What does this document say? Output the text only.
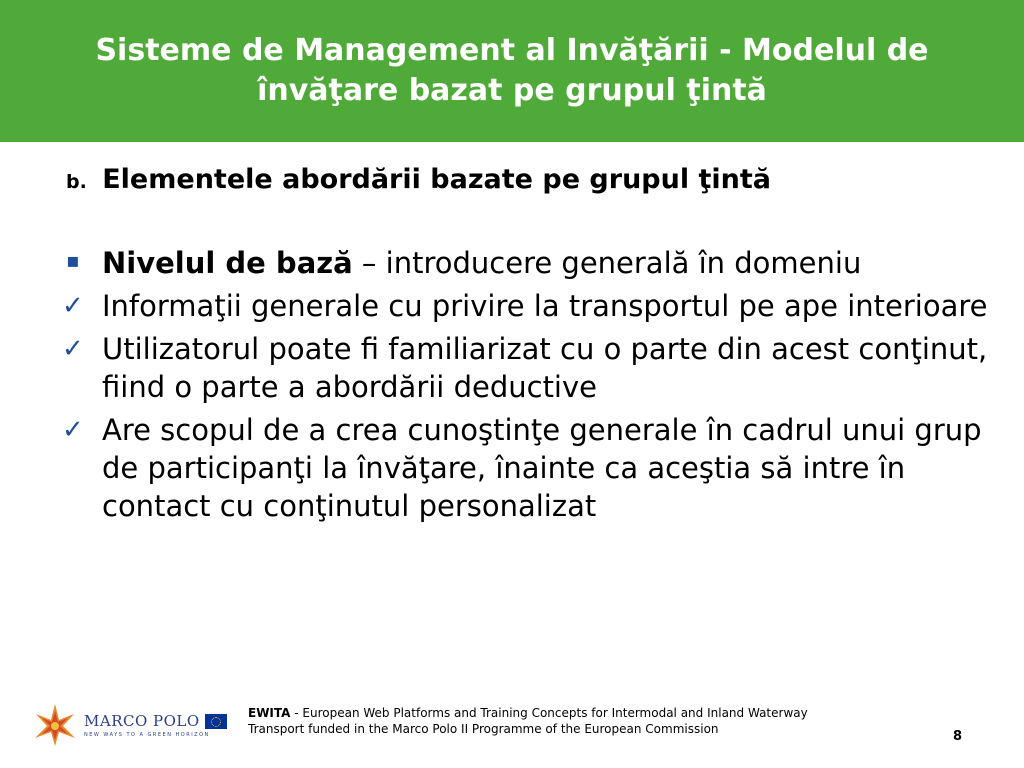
Sisteme de Management al Invăţării - Modelul de învăţare bazat pe grupul ţintă
b. Elementele abordării bazate pe grupul ţintă
▪ Nivelul de bază – introducere generală în domeniu
✓ Informaţii generale cu privire la transportul pe ape interioare
✓ Utilizatorul poate fi familiarizat cu o parte din acest conţinut, fiind o parte a abordării deductive
✓ Are scopul de a crea cunoştinţe generale în cadrul unui grup de participanţi la învăţare, înainte ca aceştia să intre în contact cu conţinutul personalizat
MARCO POLO
NEW WAYS TO A GREEN HORIZON
EWITA - European Web Platforms and Training Concepts for Intermodal and Inland Waterway
Transport funded in the Marco Polo II Programme of the European Commission	8
